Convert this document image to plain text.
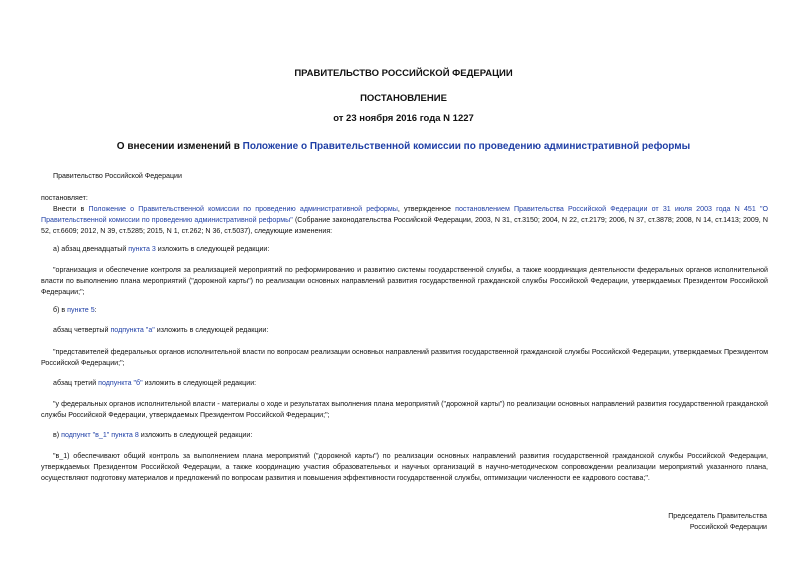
ПРАВИТЕЛЬСТВО РОССИЙСКОЙ ФЕДЕРАЦИИ
ПОСТАНОВЛЕНИЕ
от 23 ноября 2016 года N 1227
О внесении изменений в Положение о Правительственной комиссии по проведению административной реформы
Правительство Российской Федерации
постановляет:
Внести в Положение о Правительственной комиссии по проведению административной реформы, утвержденное постановлением Правительства Российской Федерации от 31 июля 2003 года N 451 "О Правительственной комиссии по проведению административной реформы" (Собрание законодательства Российской Федерации, 2003, N 31, ст.3150; 2004, N 22, ст.2179; 2006, N 37, ст.3878; 2008, N 14, ст.1413; 2009, N 52, ст.6609; 2012, N 39, ст.5285; 2015, N 1, ст.262; N 36, ст.5037), следующие изменения:
а) абзац двенадцатый пункта 3 изложить в следующей редакции:
"организация и обеспечение контроля за реализацией мероприятий по реформированию и развитию системы государственной службы, а также координация деятельности федеральных органов исполнительной власти по выполнению плана мероприятий ("дорожной карты") по реализации основных направлений развития государственной гражданской службы Российской Федерации, утверждаемых Президентом Российской Федерации;";
б) в пункте 5:
абзац четвертый подпункта "а" изложить в следующей редакции:
"представителей федеральных органов исполнительной власти по вопросам реализации основных направлений развития государственной гражданской службы Российской Федерации, утверждаемых Президентом Российской Федерации;";
абзац третий подпункта "б" изложить в следующей редакции:
"у федеральных органов исполнительной власти - материалы о ходе и результатах выполнения плана мероприятий ("дорожной карты") по реализации основных направлений развития государственной гражданской службы Российской Федерации, утверждаемых Президентом Российской Федерации;";
в) подпункт "в_1" пункта 8 изложить в следующей редакции:
"в_1) обеспечивают общий контроль за выполнением плана мероприятий ("дорожной карты") по реализации основных направлений развития государственной гражданской службы Российской Федерации, утверждаемых Президентом Российской Федерации, а также координацию участия образовательных и научных организаций в научно-методическом сопровождении реализации мероприятий указанного плана, осуществляют подготовку материалов и предложений по вопросам развития и повышения эффективности государственной службы, оптимизации численности ее кадрового состава;".
Председатель Правительства
Российской Федерации
